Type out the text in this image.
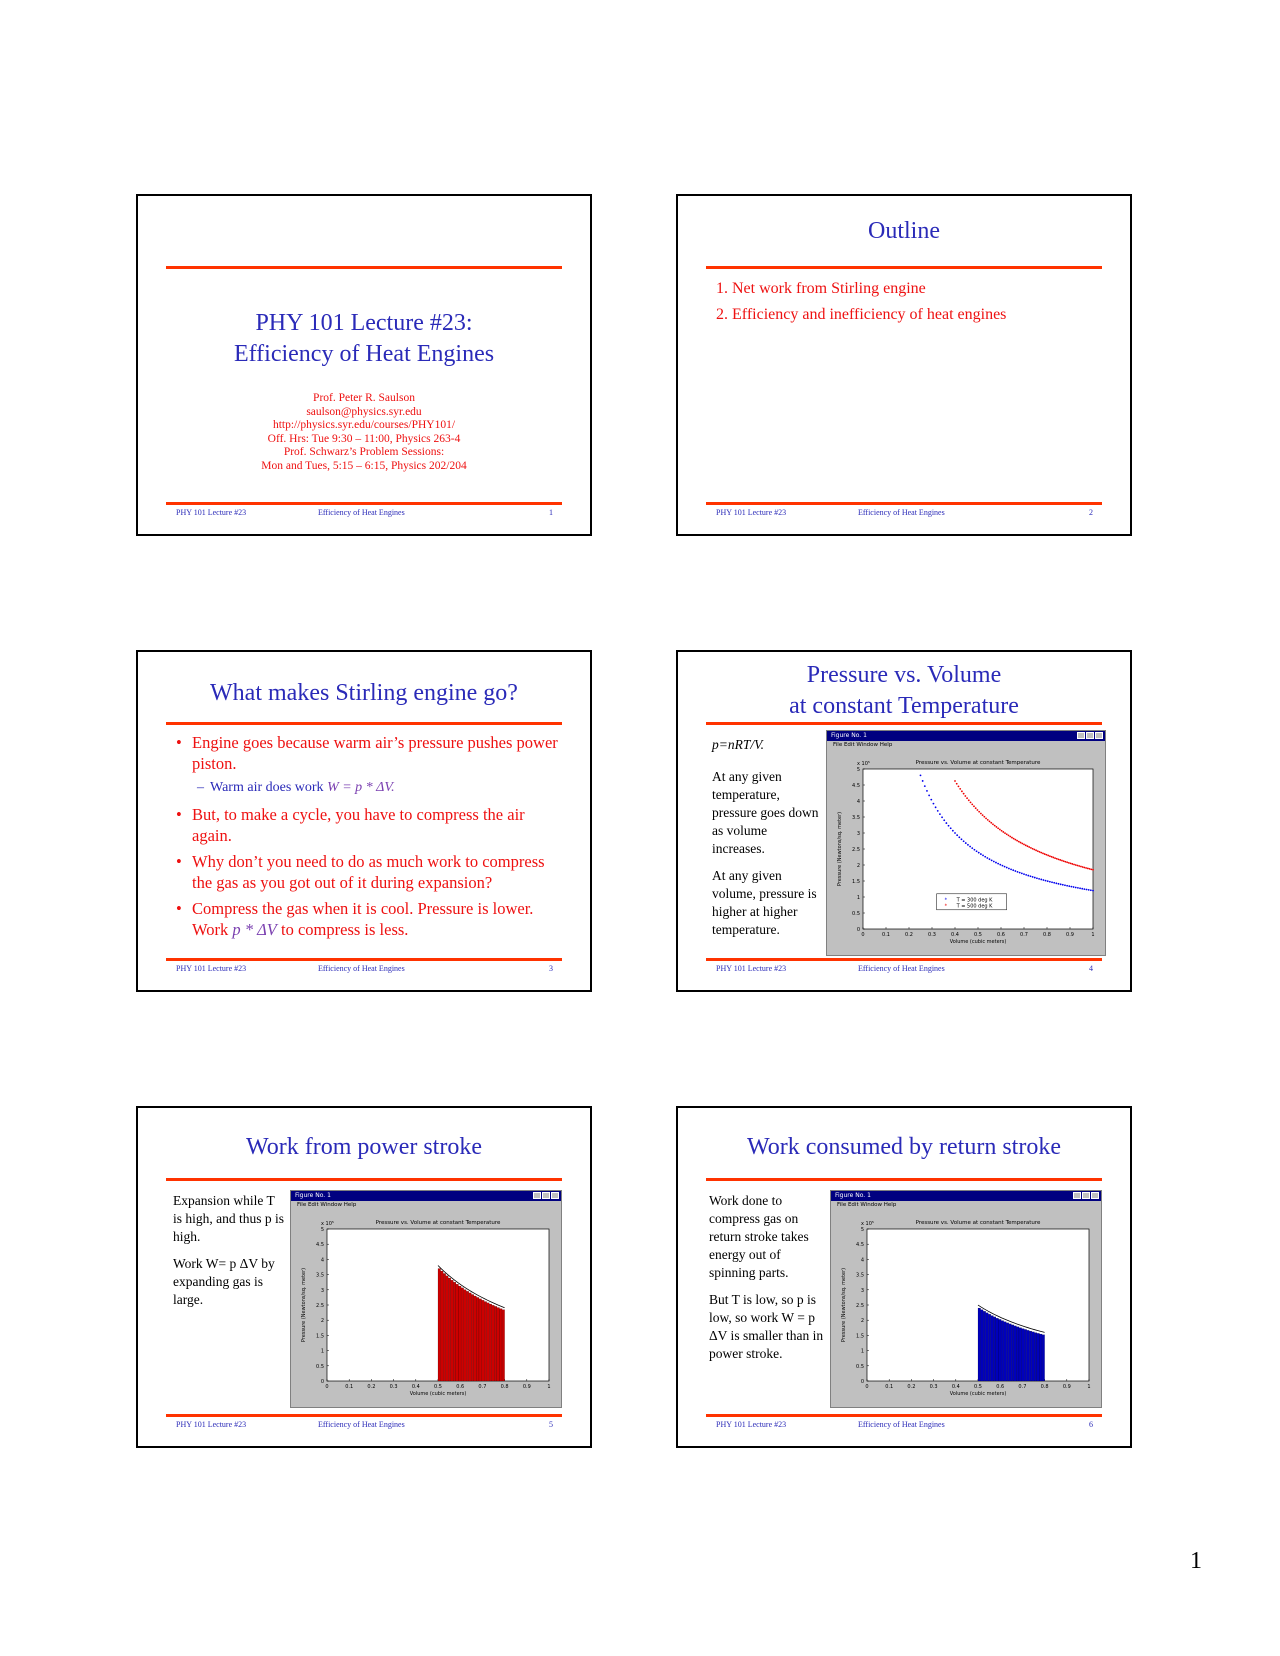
PHY 101 Lecture #23:
Efficiency of Heat Engines
Prof. Peter R. Saulson
saulson@physics.syr.edu
http://physics.syr.edu/courses/PHY101/
Off. Hrs: Tue 9:30 – 11:00, Physics 263-4
Prof. Schwarz’s Problem Sessions:
Mon and Tues, 5:15 – 6:15, Physics 202/204
PHY 101 Lecture #23	Efficiency of Heat Engines	1
Outline
1. Net work from Stirling engine
2. Efficiency and inefficiency of heat engines
PHY 101 Lecture #23	Efficiency of Heat Engines	2
What makes Stirling engine go?
• Engine goes because warm air’s pressure pushes power piston.
– Warm air does work W = p * ΔV.
• But, to make a cycle, you have to compress the air again.
• Why don’t you need to do as much work to compress the gas as you got out of it during expansion?
• Compress the gas when it is cool. Pressure is lower. Work p * ΔV to compress is less.
PHY 101 Lecture #23	Efficiency of Heat Engines	3
Pressure vs. Volume
at constant Temperature

p=nRT/V.

At any given temperature, pressure goes down as volume increases.

At any given volume, pressure is higher at higher temperature.

Figure No. 1
File Edit Window Help
Pressure vs. Volume at constant Temperature
x 10⁵
0	0.1	0.2	0.3	0.4	0.5	0.6	0.7	0.8	0.9	1
0
0.5
1
1.5
2
2.5
3
3.5
4
4.5
5
Volume (cubic meters)
Pressure (Newtons/sq. meter)
* T = 300 deg K
* T = 500 deg K
PHY 101 Lecture #23	Efficiency of Heat Engines	4
Work from power stroke

Expansion while T is high, and thus p is high.

Work W= p ΔV by expanding gas is large.

Figure No. 1
File Edit Window Help
Pressure vs. Volume at constant Temperature
x 10⁵
0	0.1	0.2	0.3	0.4	0.5	0.6	0.7	0.8	0.9	1
0
0.5
1
1.5
2
2.5
3
3.5
4
4.5
5
Volume (cubic meters)
Pressure (Newtons/sq. meter)
PHY 101 Lecture #23	Efficiency of Heat Engines	5
Work consumed by return stroke

Work done to compress gas on return stroke takes energy out of spinning parts.

But T is low, so p is low, so work W = p ΔV is smaller than in power stroke.

Figure No. 1
File Edit Window Help
Pressure vs. Volume at constant Temperature
x 10⁵
0	0.1	0.2	0.3	0.4	0.5	0.6	0.7	0.8	0.9	1
0
0.5
1
1.5
2
2.5
3
3.5
4
4.5
5
Volume (cubic meters)
Pressure (Newtons/sq. meter)
PHY 101 Lecture #23	Efficiency of Heat Engines	6
1
